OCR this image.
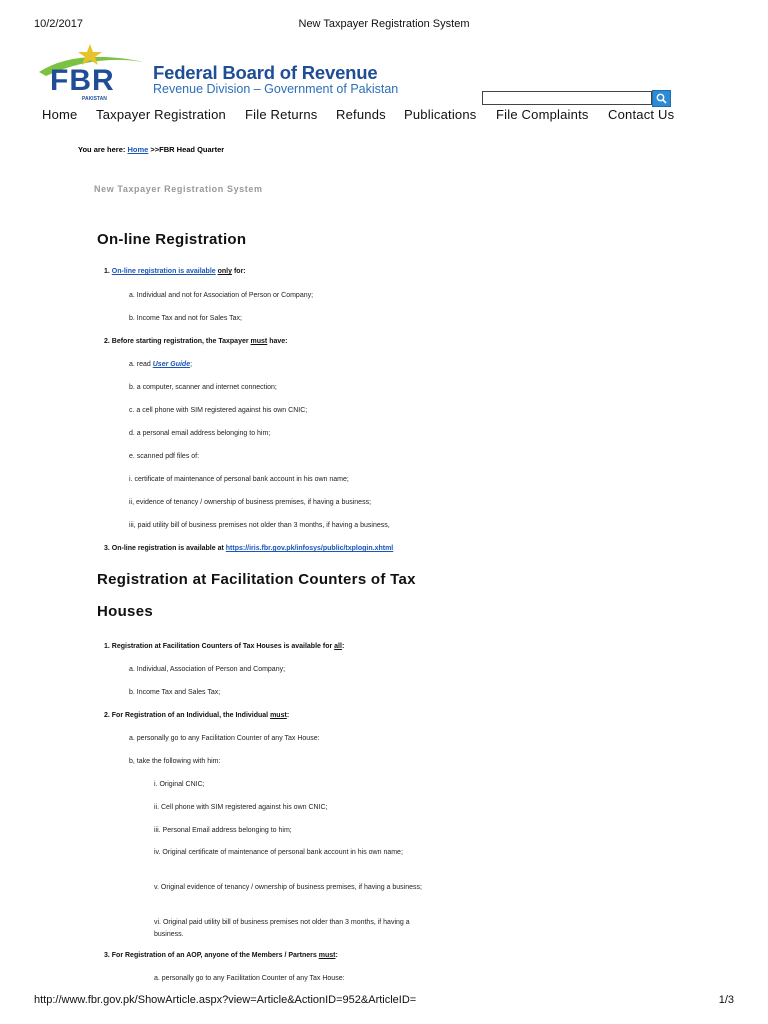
10/2/2017	New Taxpayer Registration System
FBR
PAKISTAN
Federal Board of Revenue
Revenue Division – Government of Pakistan
Home Taxpayer Registration File Returns Refunds Publications File Complaints Contact Us
You are here: Home >>FBR Head Quarter
New Taxpayer Registration System
On-line Registration
1. On-line registration is available only for:
a. Individual and not for Association of Person or Company;
b. Income Tax and not for Sales Tax;
2. Before starting registration, the Taxpayer must have:
a. read User Guide;
b. a computer, scanner and internet connection;
c. a cell phone with SIM registered against his own CNIC;
d. a personal email address belonging to him;
e. scanned pdf files of:
i. certificate of maintenance of personal bank account in his own name;
ii, evidence of tenancy / ownership of business premises, if having a business;
iii, paid utility bill of business premises not older than 3 months, if having a business,
3. On-line registration is available at https://iris.fbr.gov.pk/infosys/public/txplogin.xhtml
Registration at Facilitation Counters of Tax
Houses
1. Registration at Facilitation Counters of Tax Houses is available for all:
a. Individual, Association of Person and Company;
b. Income Tax and Sales Tax;
2. For Registration of an Individual, the Individual must:
a. personally go to any Facilitation Counter of any Tax House:
b, take the following with him:
i. Original CNIC;
ii. Cell phone with SIM registered against his own CNIC;
iii. Personal Email address belonging to him;
iv. Original certificate of maintenance of personal bank account in his own name;
v. Original evidence of tenancy / ownership of business premises, if having a business;
vi. Original paid utility bill of business premises not older than 3 months, if having a business.
3. For Registration of an AOP, anyone of the Members / Partners must:
a. personally go to any Facilitation Counter of any Tax House:
http://www.fbr.gov.pk/ShowArticle.aspx?view=Article&ActionID=952&ArticleID=	1/3
